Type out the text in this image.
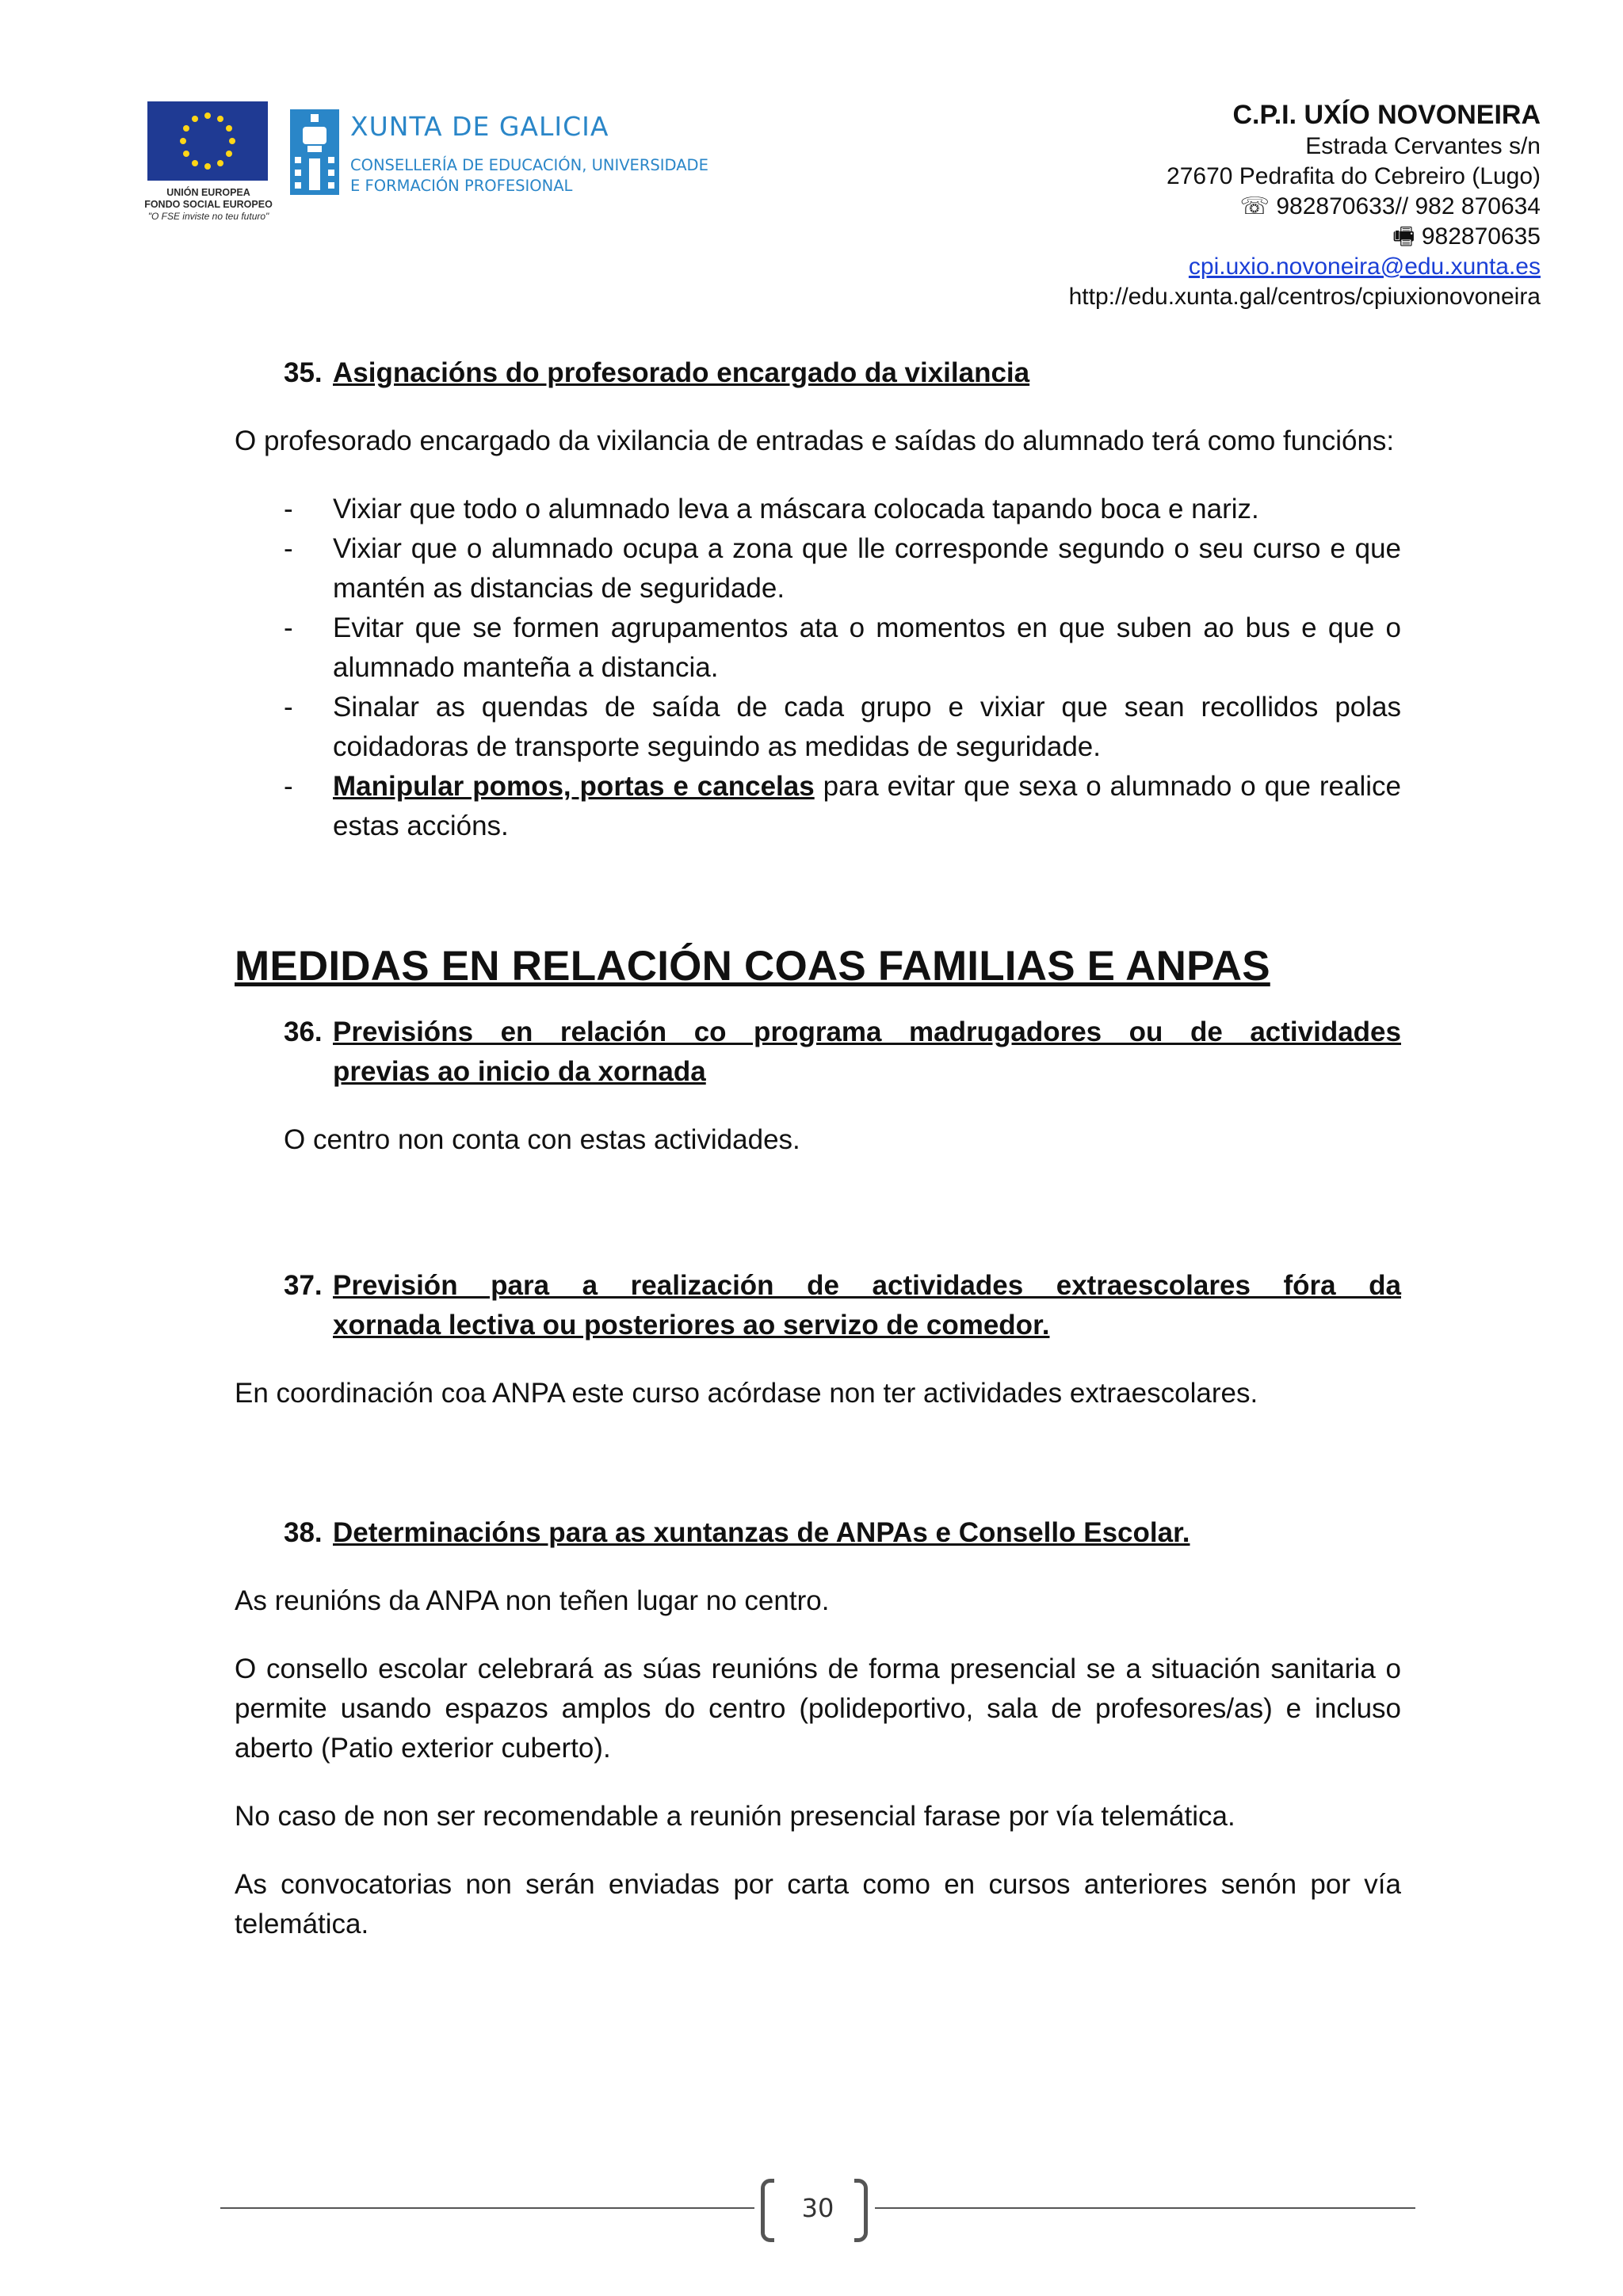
UNIÓN EUROPEA
FONDO SOCIAL EUROPEO
"O FSE inviste no teu futuro"
XUNTA DE GALICIA
CONSELLERÍA DE EDUCACIÓN, UNIVERSIDADE
E FORMACIÓN PROFESIONAL
C.P.I. UXÍO NOVONEIRA
Estrada Cervantes s/n
27670 Pedrafita do Cebreiro (Lugo)
☏ 982870633// 982 870634
🖷 982870635
cpi.uxio.novoneira@edu.xunta.es
http://edu.xunta.gal/centros/cpiuxionovoneira
35. Asignacións do profesorado encargado da vixilancia

O profesorado encargado da vixilancia de entradas e saídas do alumnado terá como funcións:

- Vixiar que todo o alumnado leva a máscara colocada tapando boca e nariz.
- Vixiar que o alumnado ocupa a zona que lle corresponde segundo o seu curso e que mantén as distancias de seguridade.
- Evitar que se formen agrupamentos ata o momentos en que suben ao bus e que o alumnado manteña a distancia.
- Sinalar as quendas de saída de cada grupo e vixiar que sean recollidos polas coidadoras de transporte seguindo as medidas de seguridade.
- Manipular pomos, portas e cancelas para evitar que sexa o alumnado o que realice estas accións.
MEDIDAS EN RELACIÓN COAS FAMILIAS E ANPAS
36. Previsións en relación co programa madrugadores ou de actividades
previas ao inicio da xornada
O centro non conta con estas actividades.
37. Previsión para a realización de actividades extraescolares fóra da
xornada lectiva ou posteriores ao servizo de comedor.

En coordinación coa ANPA este curso acórdase non ter actividades extraescolares.

38. Determinacións para as xuntanzas de ANPAs e Consello Escolar.

As reunións da ANPA non teñen lugar no centro.

O consello escolar celebrará as súas reunións de forma presencial se a situación sanitaria o permite usando espazos amplos do centro (polideportivo, sala de profesores/as) e incluso aberto (Patio exterior cuberto).

No caso de non ser recomendable a reunión presencial farase por vía telemática.

As convocatorias non serán enviadas por carta como en cursos anteriores senón por vía telemática.

30
